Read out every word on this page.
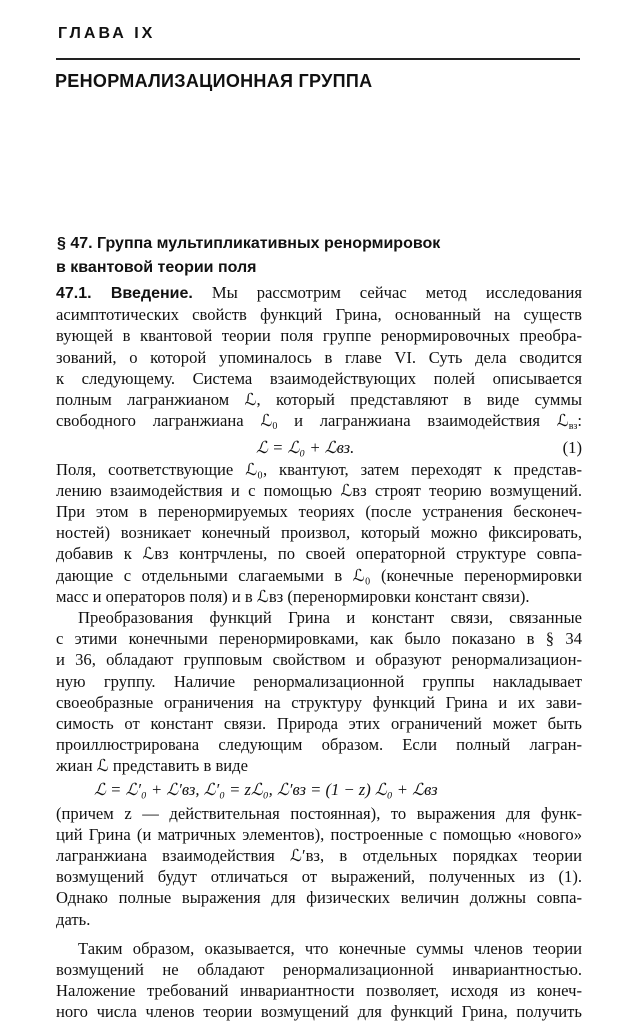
ГЛАВА IX
РЕНОРМАЛИЗАЦИОННАЯ ГРУППА
§ 47. Группа мультипликативных ренормировок
в квантовой теории поля

47.1. Введение. Мы рассмотрим сейчас метод исследования

асимптотических свойств функций Грина, основанный на существ

вующей в квантовой теории поля группе ренормировочных преобра-

зований, о которой упоминалось в главе VI. Суть дела сводится

к следующему. Система взаимодействующих полей описывается

полным лагранжианом ℒ, который представляют в виде суммы

свободного лагранжиана ℒ$_0$ и лагранжиана взаимодействия ℒ$_{вз}$:

ℒ = ℒ₀ + ℒвз.	(1)

Поля, соответствующие ℒ₀, квантуют, затем переходят к представ-

лению взаимодействия и с помощью ℒвз строят теорию возмущений.

При этом в перенормируемых теориях (после устранения бесконеч-

ностей) возникает конечный произвол, который можно фиксировать,

добавив к ℒвз контрчлены, по своей операторной структуре совпа-

дающие с отдельными слагаемыми в ℒ₀ (конечные перенормировки

масс и операторов поля) и в ℒвз (перенормировки констант связи).

Преобразования функций Грина и констант связи, связанные

с этими конечными перенормировками, как было показано в § 34

и 36, обладают групповым свойством и образуют ренормализацион-

ную группу. Наличие ренормализационной группы накладывает

своеобразные ограничения на структуру функций Грина и их зави-

симость от констант связи. Природа этих ограничений может быть

проиллюстрирована следующим образом. Если полный лагран-

жиан ℒ представить в виде

ℒ = ℒ′₀ + ℒ′вз, ℒ′₀ = zℒ₀, ℒ′вз = (1 − z) ℒ₀ + ℒвз

(причем z — действительная постоянная), то выражения для функ-

ций Грина (и матричных элементов), построенные с помощью «нового»

лагранжиана взаимодействия ℒ′вз, в отдельных порядках теории

возмущений будут отличаться от выражений, полученных из (1).

Однако полные выражения для физических величин должны совпа-

дать.

Таким образом, оказывается, что конечные суммы членов теории

возмущений не обладают ренормализационной инвариантностью.

Наложение требований инвариантности позволяет, исходя из конеч-

ного числа членов теории возмущений для функций Грина, получить
